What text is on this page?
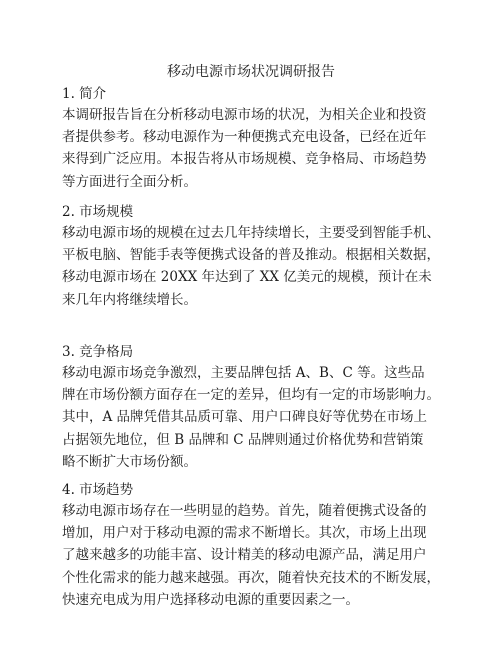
移动电源市场状况调研报告

1. 简介

本调研报告旨在分析移动电源市场的状况，为相关企业和投资
者提供参考。移动电源作为一种便携式充电设备，已经在近年
来得到广泛应用。本报告将从市场规模、竞争格局、市场趋势
等方面进行全面分析。

2. 市场规模

移动电源市场的规模在过去几年持续增长，主要受到智能手机、
平板电脑、智能手表等便携式设备的普及推动。根据相关数据，
移动电源市场在 20XX 年达到了 XX 亿美元的规模，预计在未
来几年内将继续增长。

3. 竞争格局

移动电源市场竞争激烈，主要品牌包括 A、B、C 等。这些品
牌在市场份额方面存在一定的差异，但均有一定的市场影响力。
其中，A 品牌凭借其品质可靠、用户口碑良好等优势在市场上
占据领先地位，但 B 品牌和 C 品牌则通过价格优势和营销策
略不断扩大市场份额。

4. 市场趋势

移动电源市场存在一些明显的趋势。首先，随着便携式设备的
增加，用户对于移动电源的需求不断增长。其次，市场上出现
了越来越多的功能丰富、设计精美的移动电源产品，满足用户
个性化需求的能力越来越强。再次，随着快充技术的不断发展，
快速充电成为用户选择移动电源的重要因素之一。
